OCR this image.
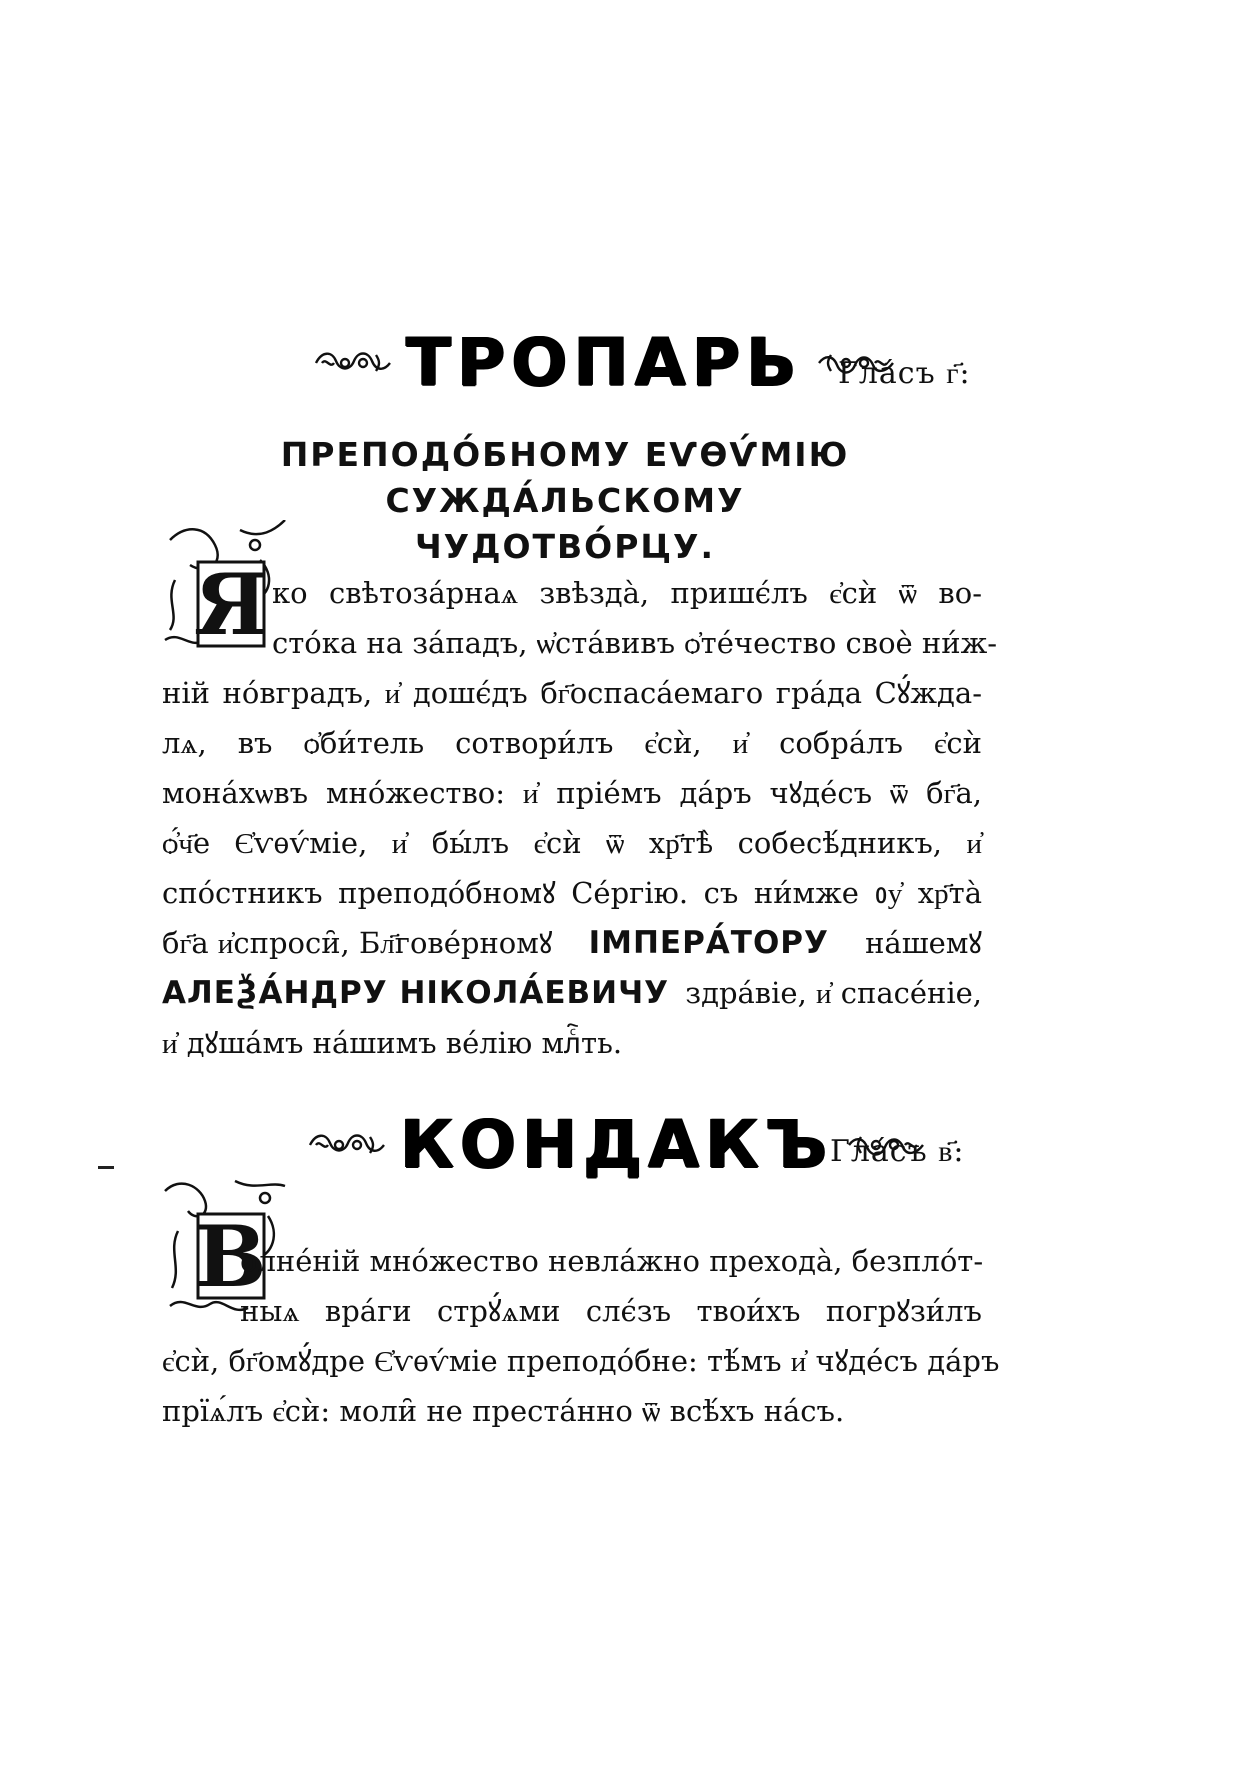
ТРОПАРЬ	Гла́съ г҃:
ПРЕПОДО́БНОМУ ЕѴѲѴ́МІЮ СУЖДА́ЛЬСКОМУ
ЧУДОТВО́РЦУ.
Я ко свѣтоза́рнаѧ звѣзда̀, пришє́лъ є҆сѝ ѿ во-
сто́ка на за́падъ, ѡ҆ста́вивъ ѻ҆те́чество своѐ ни́ж-
ній но́вградъ, и҆ дошє́дъ бг҃оспаса́емаго гра́да Сꙋ́жда-
лѧ, въ ѻ҆би́тель сотвори́лъ є҆сѝ, и҆ собра́лъ є҆сѝ
мона́хѡвъ мно́жество: и҆ пріе́мъ да́ръ чꙋде́съ ѿ бг҃а,
ѻ҆́ч҃е Є҆ѵѳѵ́міе, и҆ бы́лъ є҆сѝ ѿ хр҃тѣ̀ собесѣ́дникъ, и҆
спо́стникъ преподо́бномꙋ Се́ргію. съ ни́мже ᲂу҆ хр҃та̀
бг҃а и҆спроси̑, Бл҃гове́рномꙋ ІМПЕРА́ТОРУ на́шемꙋ
АЛЕѮА́НДРУ НІКОЛА́ЕВИЧУ здра́віе, и҆ спасе́ніе,
и҆ дꙋша́мъ на́шимъ ве́лію млⷭ҇ть.
КОНДАКЪ
Гла́съ в҃:
В
олне́ній мно́жество невла́жно прехода̀, безпло́т-
ныѧ вра́ги стрꙋ́ѧми слє́зъ твои́хъ погрꙋзи́лъ
є҆сѝ, бг҃омꙋ́дре Є҆ѵѳѵ́міе преподо́бне: тѣ́мъ и҆ чꙋде́съ да́ръ
прїѧ́лъ є҆сѝ: моли̑ не преста́нно ѿ всѣ́хъ на́съ.
